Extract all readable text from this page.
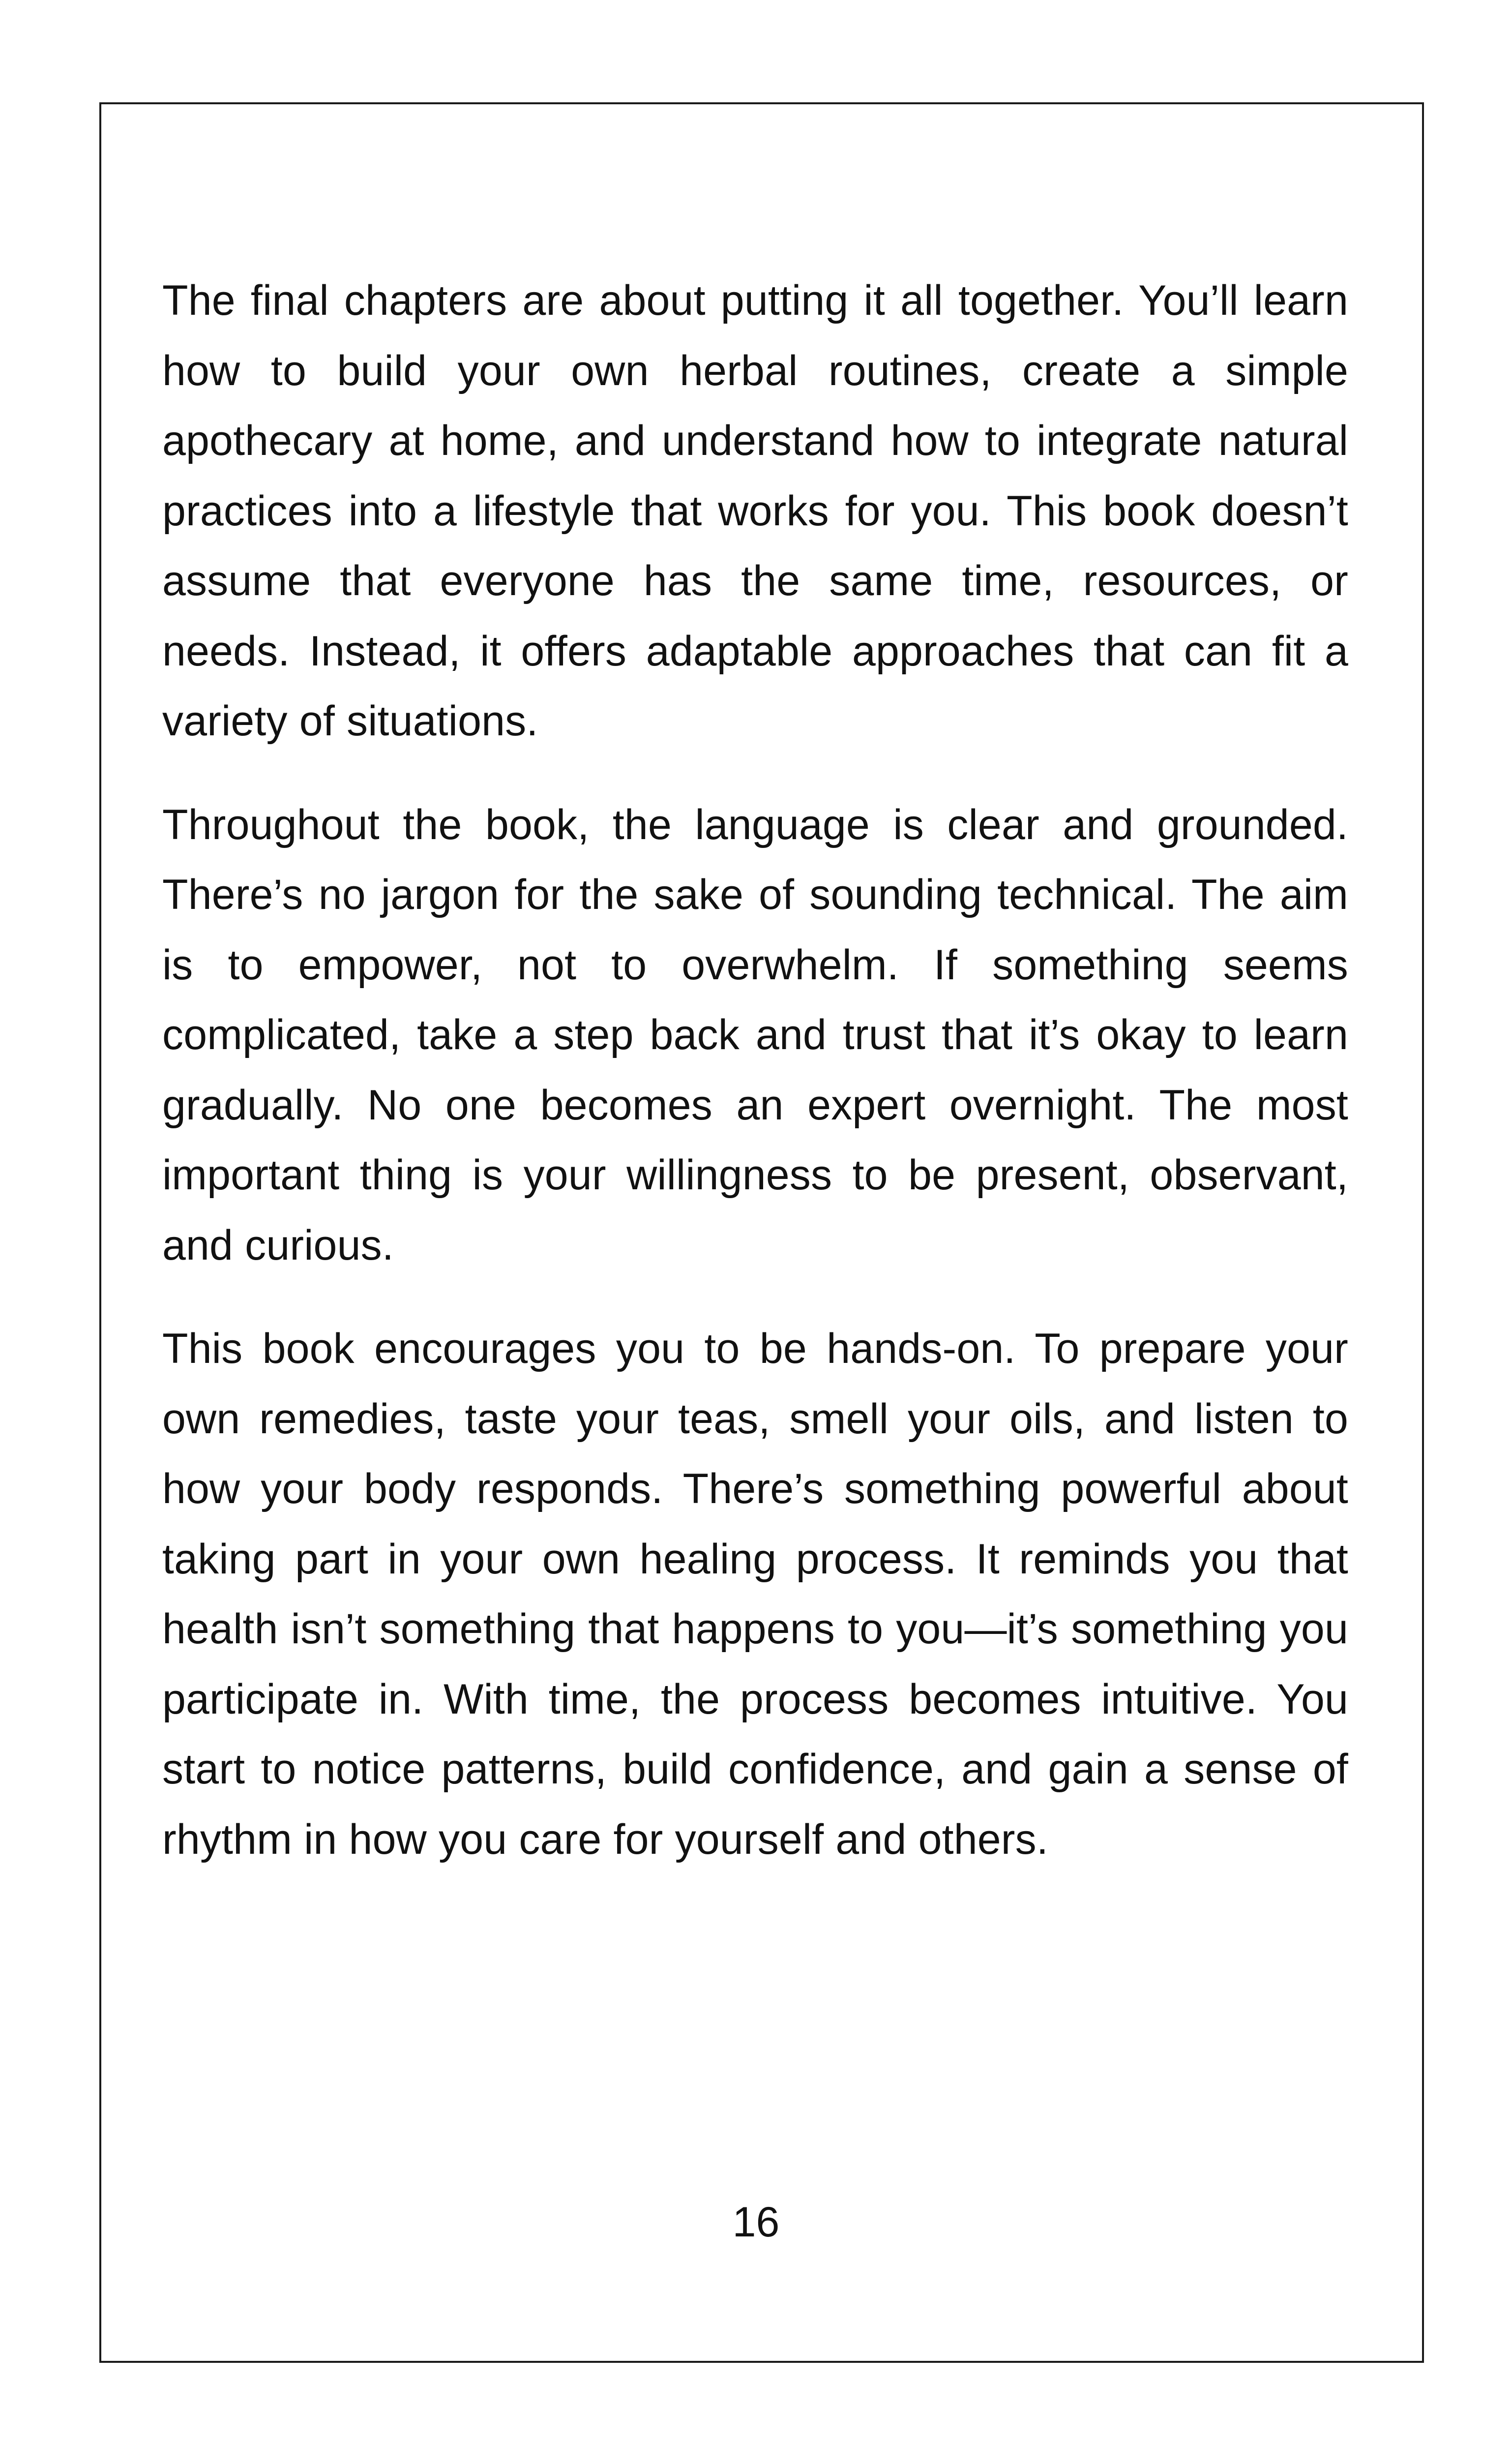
The final chapters are about putting it all together. You’ll learn how to build your own herbal routines, create a simple apothecary at home, and understand how to integrate natural practices into a lifestyle that works for you. This book doesn’t assume that everyone has the same time, resources, or needs. Instead, it offers adaptable approaches that can fit a variety of situations.

Throughout the book, the language is clear and grounded. There’s no jargon for the sake of sounding technical. The aim is to empower, not to overwhelm. If something seems complicated, take a step back and trust that it’s okay to learn gradually. No one becomes an expert overnight. The most important thing is your willingness to be present, observant, and curious.

This book encourages you to be hands-on. To prepare your own remedies, taste your teas, smell your oils, and listen to how your body responds. There’s something powerful about taking part in your own healing process. It reminds you that health isn’t something that happens to you—it’s something you participate in. With time, the process becomes intuitive. You start to notice patterns, build confidence, and gain a sense of rhythm in how you care for yourself and others.

16
